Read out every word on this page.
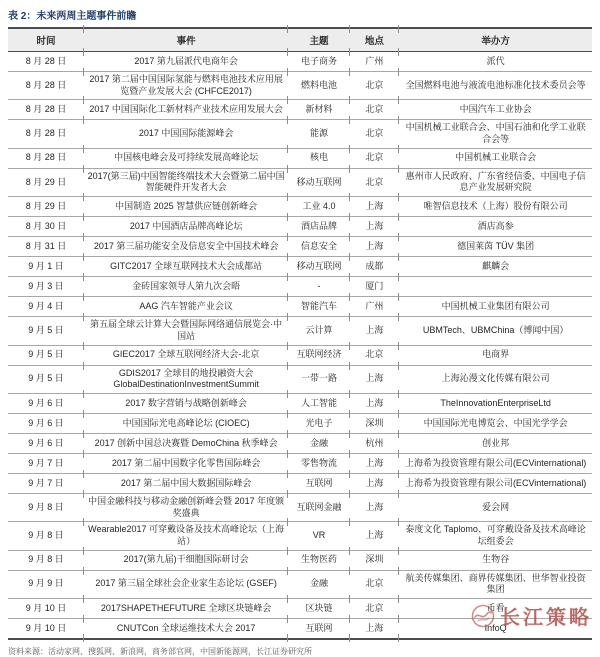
表 2：未来两周主题事件前瞻
时间	事件	主题	地点	举办方
8 月 28 日	2017 第九届派代电商年会	电子商务	广州	派代
8 月 28 日	2017 第二届中国国际氢能与燃料电池技术应用展览暨产业发展大会 (CHFCE2017)	燃料电池	北京	全国燃料电池与液流电池标准化技术委员会等
8 月 28 日	2017 中国国际化工新材料产业技术应用发展大会	新材料	北京	中国汽车工业协会
8 月 28 日	2017 中国国际能源峰会	能源	北京	中国机械工业联合会、中国石油和化学工业联合会等
8 月 28 日	中国核电峰会及可持续发展高峰论坛	核电	北京	中国机械工业联合会
8 月 29 日	2017(第三届)中国智能终端技术大会暨第二届中国智能硬件开发者大会	移动互联网	北京	惠州市人民政府、广东省经信委、中国电子信息产业发展研究院
8 月 29 日	中国制造 2025 智慧供应链创新峰会	工业 4.0	上海	唯智信息技术（上海）股份有限公司
8 月 30 日	2017 中国酒店品牌高峰论坛	酒店品牌	上海	酒店高参
8 月 31 日	2017 第三届功能安全及信息安全中国技术峰会	信息安全	上海	德国莱茵 TÜV 集团
9 月 1 日	GITC2017 全球互联网技术大会成都站	移动互联网	成都	麒麟会
9 月 3 日	金砖国家领导人第九次会晤	-	厦门	
9 月 4 日	AAG 汽车智能产业会议	智能汽车	广州	中国机械工业集团有限公司
9 月 5 日	第五届全球云计算大会暨国际网络通信展览会·中国站	云计算	上海	UBMTech、UBMChina（博闻中国）
9 月 5 日	GIEC2017 全球互联网经济大会-北京	互联网经济	北京	电商界
9 月 5 日	GDIS2017 全球目的地投融资大会 GlobalDestinationInvestmentSummit	一带一路	上海	上海沁漫文化传媒有限公司
9 月 6 日	2017 数字营销与战略创新峰会	人工智能	上海	TheInnovationEnterpriseLtd
9 月 6 日	中国国际光电高峰论坛 (CIOEC)	光电子	深圳	中国国际光电博览会、中国光学学会
9 月 6 日	2017 创新中国总决赛暨 DemoChina 秋季峰会	金融	杭州	创业邦
9 月 7 日	2017 第二届中国数字化零售国际峰会	零售物流	上海	上海希为投资管理有限公司(ECVinternational)
9 月 7 日	2017 第二届中国大数据国际峰会	互联网	上海	上海希为投资管理有限公司(ECVinternational)
9 月 8 日	中国金融科技与移动金融创新峰会暨 2017 年度颁奖盛典	互联网金融	上海	爱会网
9 月 8 日	Wearable2017 可穿戴设备及技术高峰论坛（上海站）	VR	上海	泰度文化 Taplomo、可穿戴设备及技术高峰论坛组委会
9 月 8 日	2017(第九届)干细胞国际研讨会	生物医药	深圳	生物谷
9 月 9 日	2017 第三届全球社会企业家生态论坛 (GSEF)	金融	北京	航美传媒集团、商界传媒集团、世华智业投资集团
9 月 10 日	2017SHAPETHEFUTURE 全球区块链峰会	区块链	北京	币看
9 月 10 日	CNUTCon 全球运维技术大会 2017	互联网	上海	InfoQ
资料来源：活动家网、搜狐网、新浪网，商务部官网，中国新能源网，长江证券研究所
长江策略
